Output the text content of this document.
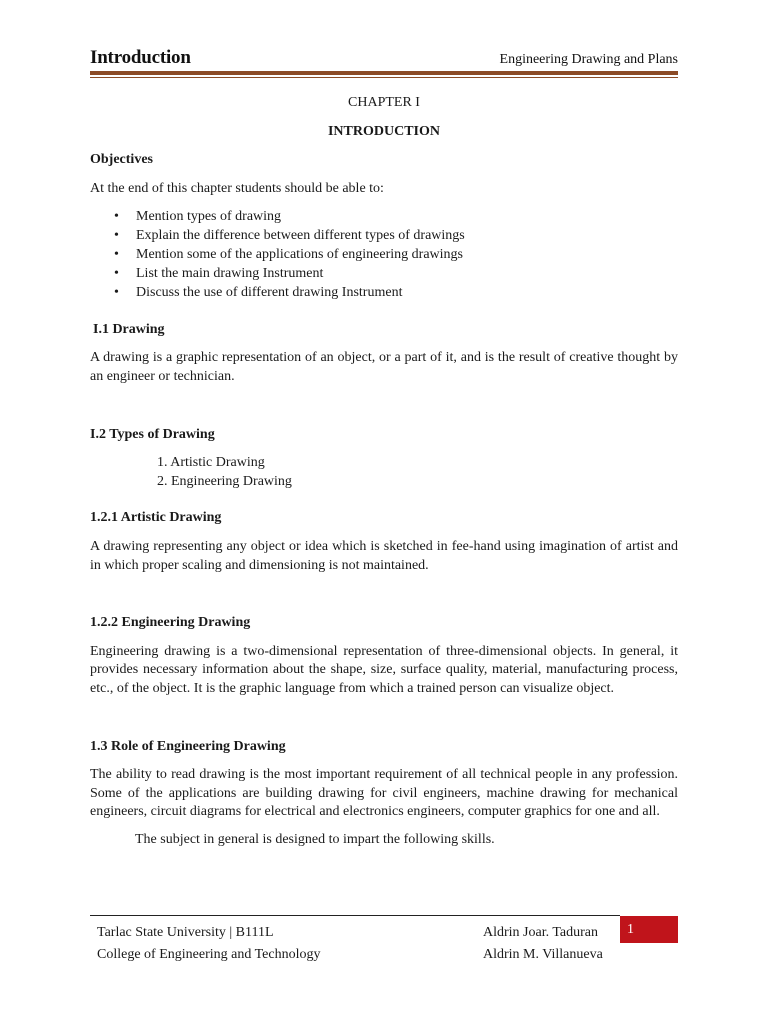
Introduction	Engineering Drawing and Plans
CHAPTER I
INTRODUCTION
Objectives
At the end of this chapter students should be able to:
• Mention types of drawing
• Explain the difference between different types of drawings
• Mention some of the applications of engineering drawings
• List the main drawing Instrument
• Discuss the use of different drawing Instrument
I.1 Drawing
A drawing is a graphic representation of an object, or a part of it, and is the result of creative thought by an engineer or technician.
I.2 Types of Drawing
1. Artistic Drawing
2. Engineering Drawing
1.2.1 Artistic Drawing
A drawing representing any object or idea which is sketched in fee-hand using imagination of artist and in which proper scaling and dimensioning is not maintained.
1.2.2 Engineering Drawing
Engineering drawing is a two-dimensional representation of three-dimensional objects. In general, it provides necessary information about the shape, size, surface quality, material, manufacturing process, etc., of the object. It is the graphic language from which a trained person can visualize object.
1.3 Role of Engineering Drawing
The ability to read drawing is the most important requirement of all technical people in any profession. Some of the applications are building drawing for civil engineers, machine drawing for mechanical engineers, circuit diagrams for electrical and electronics engineers, computer graphics for one and all.
The subject in general is designed to impart the following skills.
Tarlac State University | B111L
College of Engineering and Technology
Aldrin Joar. Taduran
Aldrin M. Villanueva
1
